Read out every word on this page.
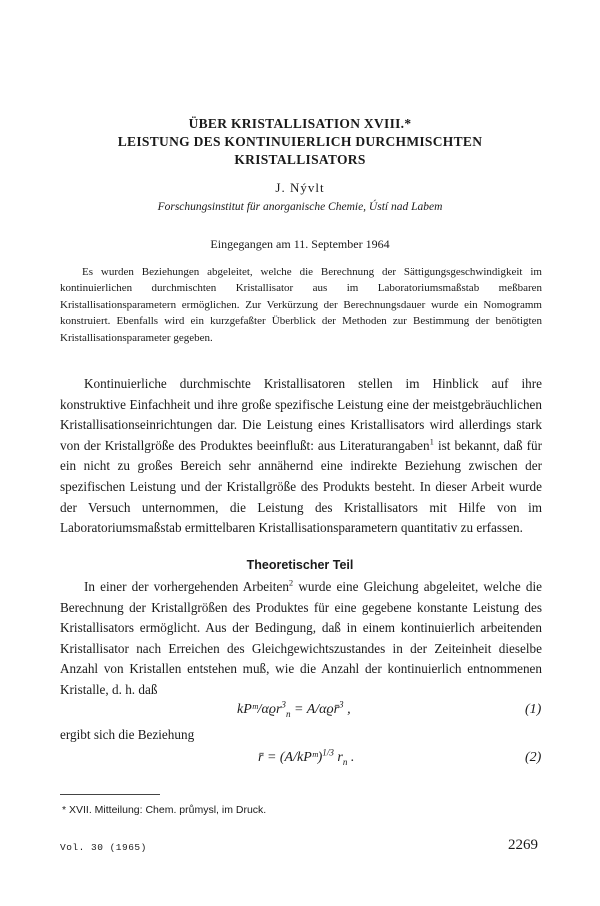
ÜBER KRISTALLISATION XVIII.*
LEISTUNG DES KONTINUIERLICH DURCHMISCHTEN
KRISTALLISATORS
J. Nývlt
Forschungsinstitut für anorganische Chemie, Ústí nad Labem
Eingegangen am 11. September 1964

Es wurden Beziehungen abgeleitet, welche die Berechnung der Sättigungsgeschwindigkeit im kontinuierlichen durchmischten Kristallisator aus im Laboratoriumsmaßstab meßbaren Kristallisationsparametern ermöglichen. Zur Verkürzung der Berechnungsdauer wurde ein Nomogramm konstruiert. Ebenfalls wird ein kurzgefaßter Überblick der Methoden zur Bestimmung der benötigten Kristallisationsparameter gegeben.

Kontinuierliche durchmischte Kristallisatoren stellen im Hinblick auf ihre konstruktive Einfachheit und ihre große spezifische Leistung eine der meistgebräuchlichen Kristallisationseinrichtungen dar. Die Leistung eines Kristallisators wird allerdings stark von der Kristallgröße des Produktes beeinflußt: aus Literaturangaben$^1$ ist bekannt, daß für ein nicht zu großes Bereich sehr annähernd eine indirekte Beziehung zwischen der spezifischen Leistung und der Kristallgröße des Produkts besteht. In dieser Arbeit wurde der Versuch unternommen, die Leistung des Kristallisators mit Hilfe von im Laboratoriumsmaßstab ermittelbaren Kristallisationsparametern quantitativ zu erfassen.

Theoretischer Teil

In einer der vorhergehenden Arbeiten$^2$ wurde eine Gleichung abgeleitet, welche die Berechnung der Kristallgrößen des Produktes für eine gegebene konstante Leistung des Kristallisators ermöglicht. Aus der Bedingung, daß in einem kontinuierlich arbeitenden Kristallisator nach Erreichen des Gleichgewichtszustandes in der Zeiteinheit dieselbe Anzahl von Kristallen entstehen muß, wie die Anzahl der kontinuierlich entnommenen Kristalle, d. h. daß

kPᵐ/αϱr$^3_n$ = A/αϱr̄$^3$ ,	(1)
ergibt sich die Beziehung
r̄ = (A/kPᵐ)$^{1/3}$ $r_n$ .	(2)
* XVII. Mitteilung: Chem. průmysl, im Druck.
Vol. 30 (1965)	2269
